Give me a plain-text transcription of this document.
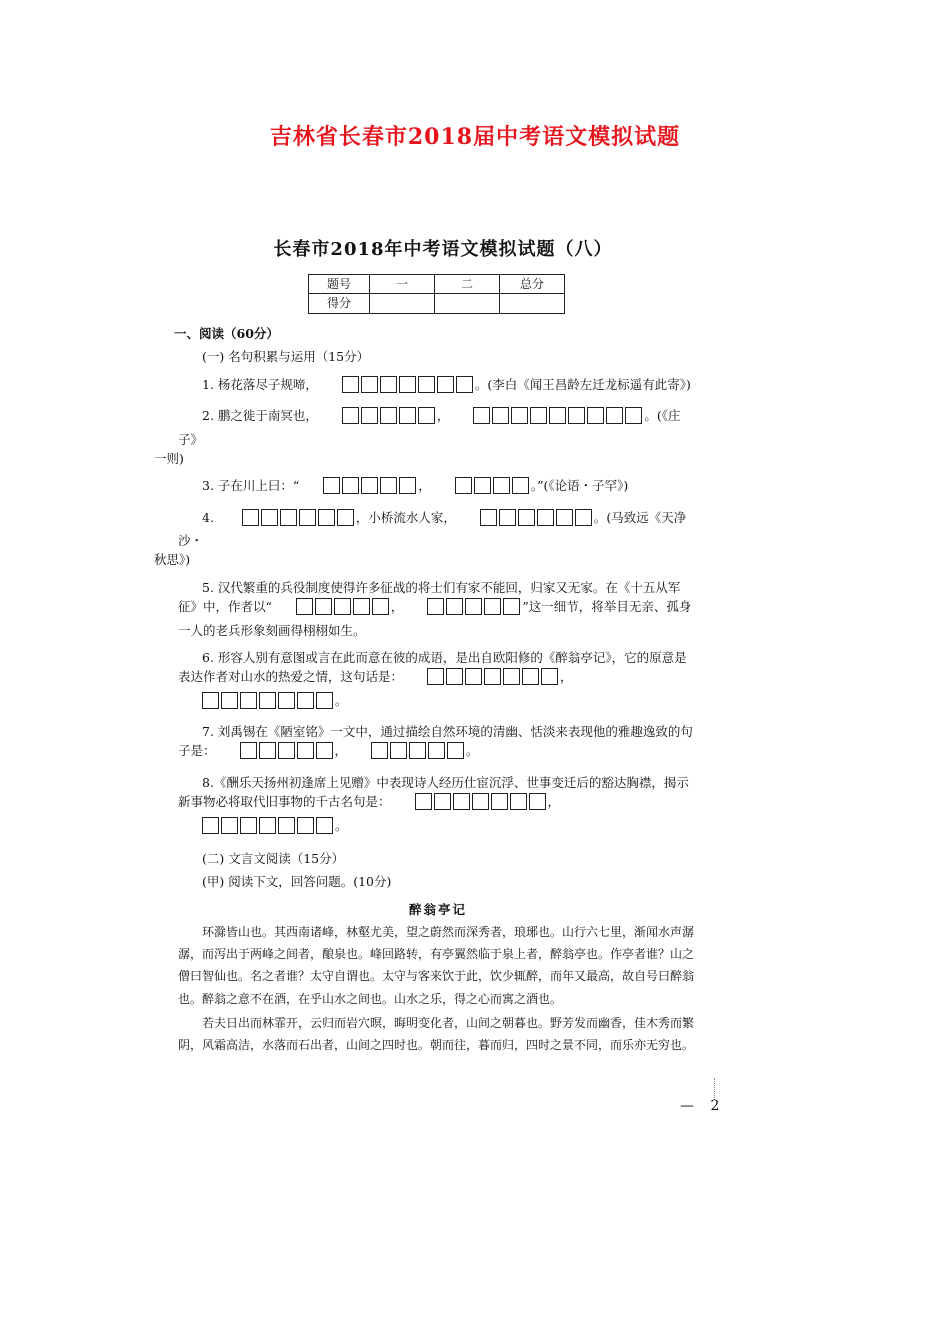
吉林省长春市2018届中考语文模拟试题
长春市2018年中考语文模拟试题（八）
题号	一	二	总分
得分			
一、阅读（60分）
(一) 名句积累与运用（15分）
1. 杨花落尽子规啼，	。(李白《闻王昌龄左迁龙标遥有此寄》)
2. 鹏之徙于南冥也，	，	。(《庄子》
一则)
3. 子在川上曰：“	，	。”(《论语・子罕》)
4.	，小桥流水人家，	。(马致远《天净沙・
秋思》)
5. 汉代繁重的兵役制度使得许多征战的将士们有家不能回，归家又无家。在《十五从军征》中，作者以“	，	”这一细节，将举目无亲、孤身一人的老兵形象刻画得栩栩如生。
6. 形容人别有意图或言在此而意在彼的成语，是出自欧阳修的《醉翁亭记》，它的原意是表达作者对山水的热爱之情，这句话是：	，。
7. 刘禹锡在《陋室铭》一文中，通过描绘自然环境的清幽、恬淡来表现他的雅趣逸致的句子是：	，	。
8.《酬乐天扬州初逢席上见赠》中表现诗人经历仕宦沉浮、世事变迁后的豁达胸襟，揭示新事物必将取代旧事物的千古名句是：	，。
(二) 文言文阅读（15分）
(甲) 阅读下文，回答问题。(10分)
醉翁亭记
环滁皆山也。其西南诸峰，林壑尤美，望之蔚然而深秀者，琅琊也。山行六七里，渐闻水声潺潺，而泻出于两峰之间者，酿泉也。峰回路转，有亭翼然临于泉上者，醉翁亭也。作亭者谁？山之僧曰智仙也。名之者谁？太守自谓也。太守与客来饮于此，饮少辄醉，而年又最高，故自号曰醉翁也。醉翁之意不在酒，在乎山水之间也。山水之乐，得之心而寓之酒也。
若夫日出而林霏开，云归而岩穴暝，晦明变化者，山间之朝暮也。野芳发而幽香，佳木秀而繁阴，风霜高洁，水落而石出者，山间之四时也。朝而往，暮而归，四时之景不同，而乐亦无穷也。
— 2
